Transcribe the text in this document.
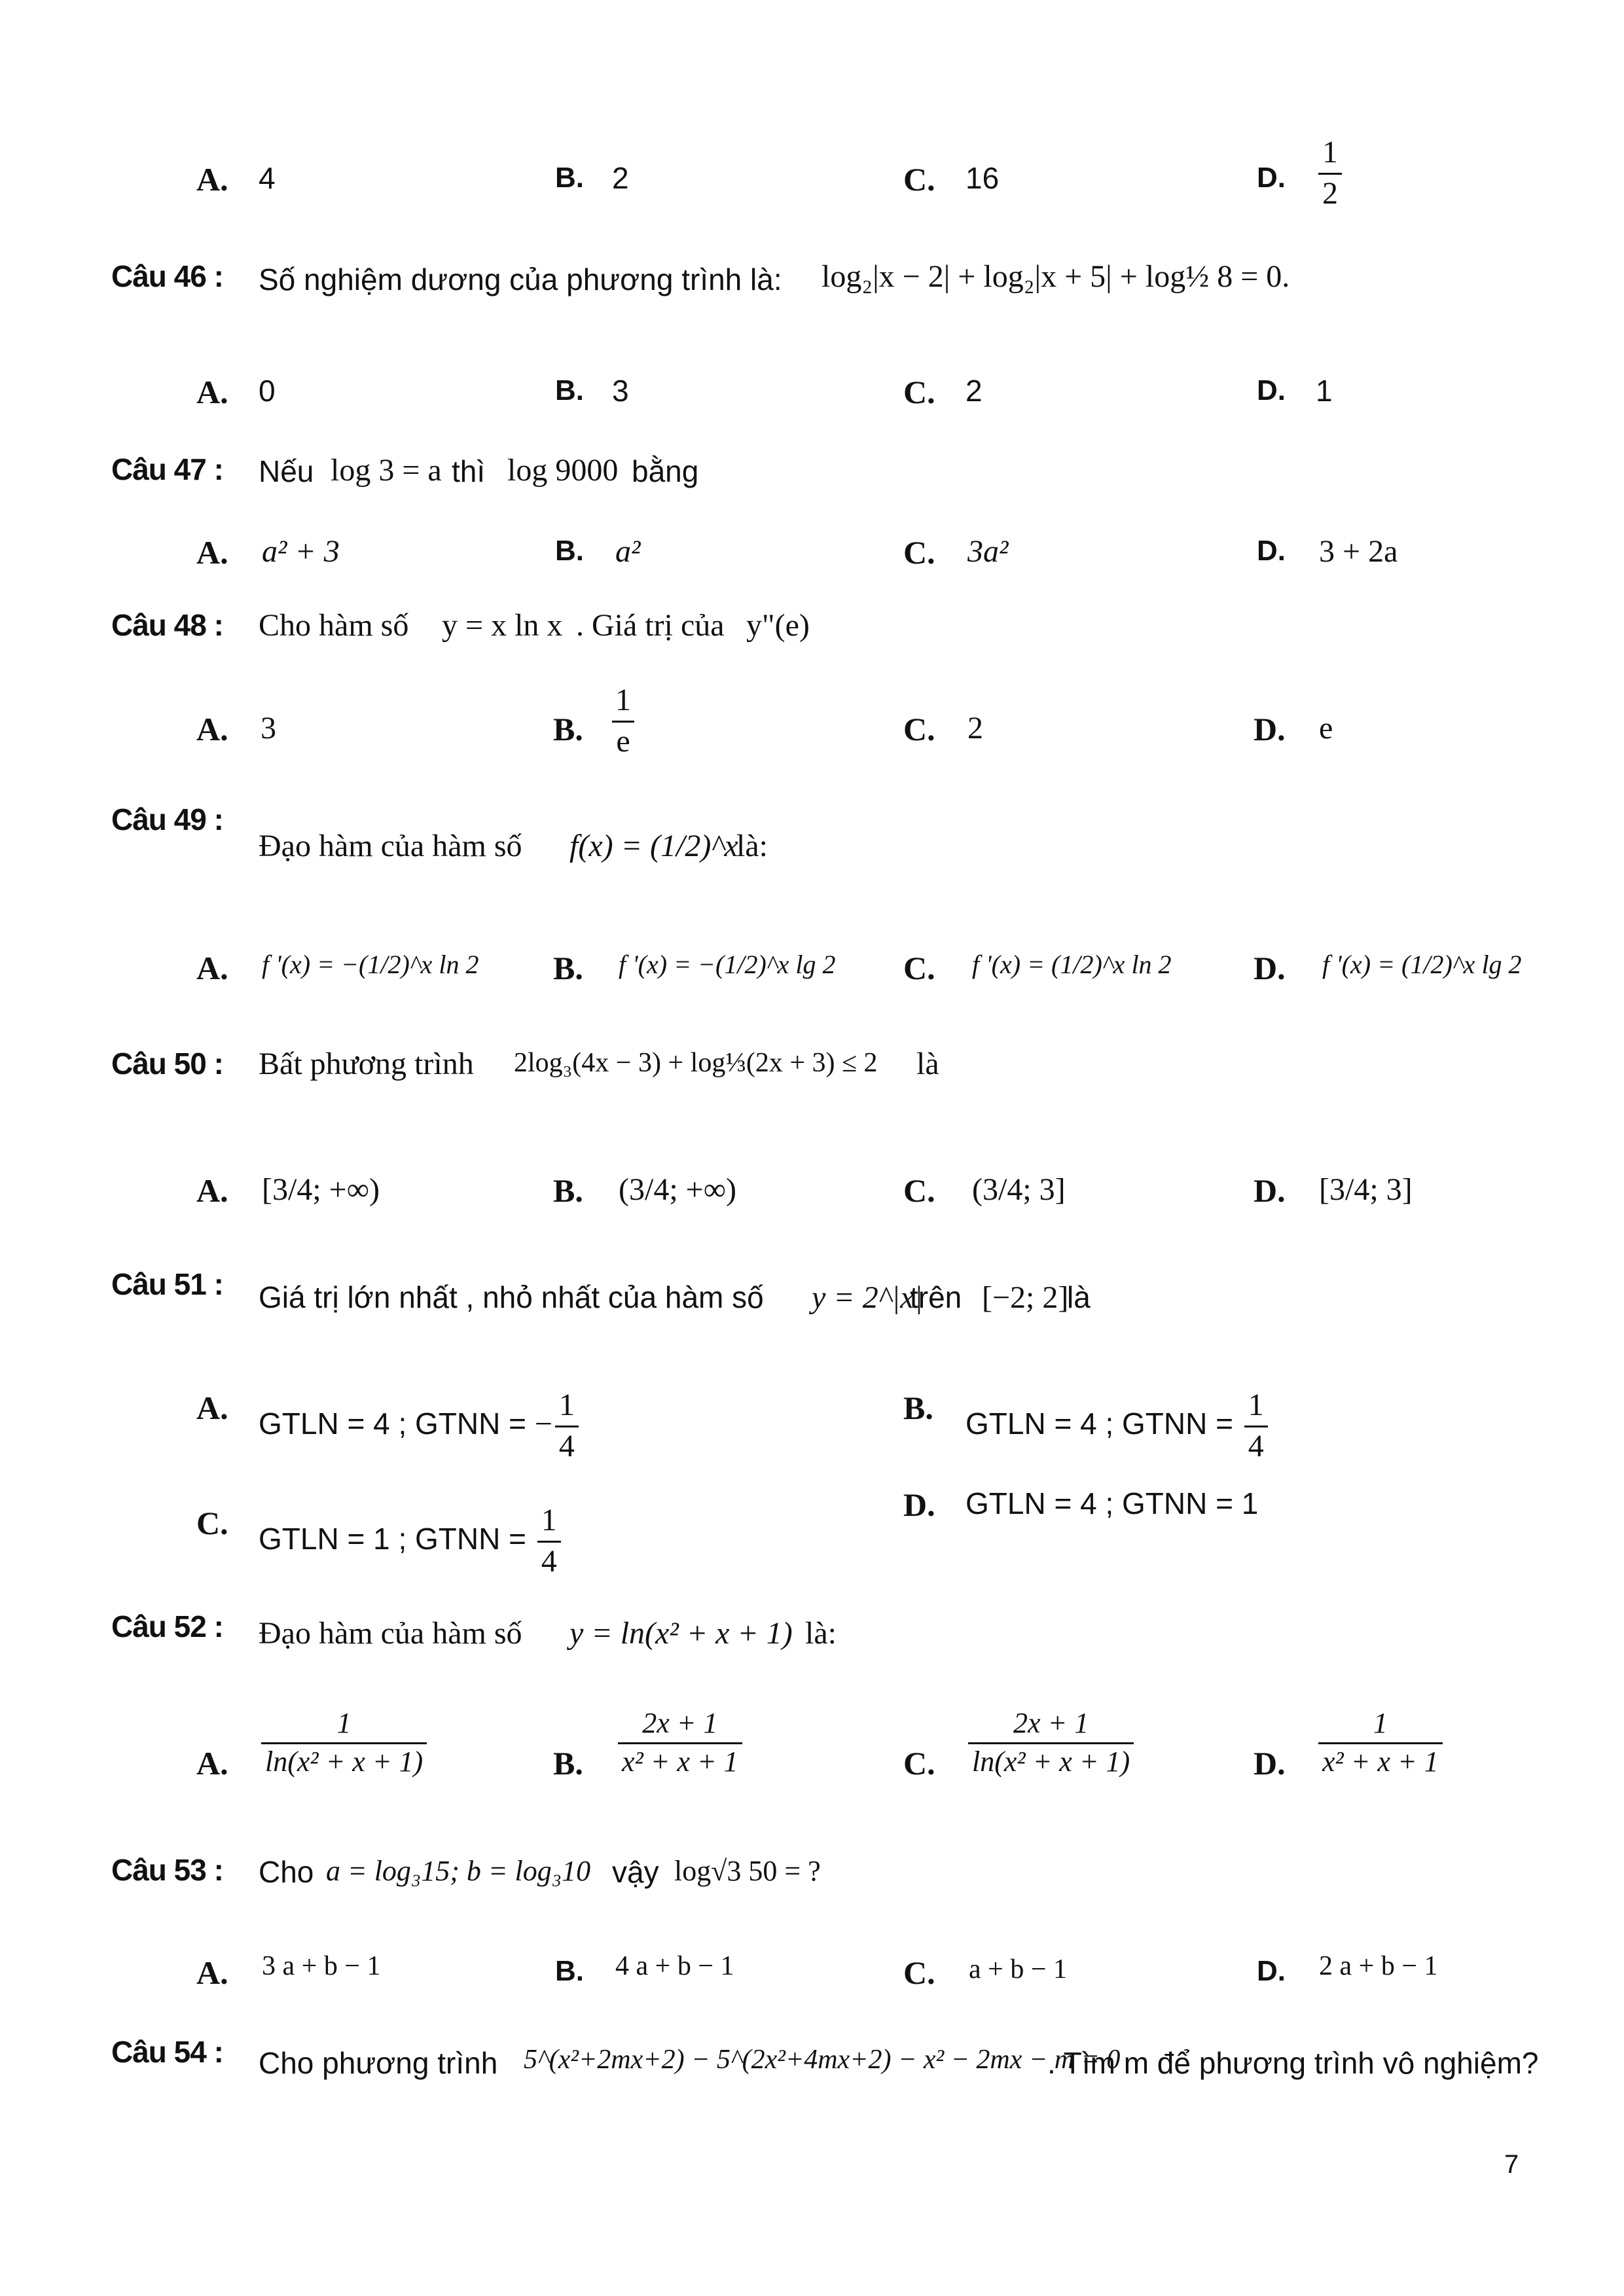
A. 4	B. 2	C. 16	D. $\frac{1}{2}$
Câu 46 : Số nghiệm dương của phương trình là: log₂|x − 2| + log₂|x + 5| + log½ 8 = 0.
A. 0	B. 3	C. 2	D. 1
Câu 47 : Nếu log 3 = a thì log 9000 bằng
A. a² + 3	B. a²	C. 3a²	D. 3 + 2a
Câu 48 : Cho hàm số y = x ln x . Giá trị của y"(e)
A. 3	B. $\frac{1}{e}$	C. 2	D. e
Câu 49 :
Đạo hàm của hàm số f(x) = (1/2)^x
là:
A. f '(x) = −(1/2)^x ln 2 B. f '(x) = −(1/2)^x lg 2 C. f '(x) = (1/2)^x ln 2	D. f '(x) = (1/2)^x lg 2
Câu 50 : Bất phương trình 2log₃(4x − 3) + log⅓(2x + 3) ≤ 2 là
A. [3/4; +∞)	B. (3/4; +∞)	C. (3/4; 3]	D. [3/4; 3]
Câu 51 : Giá trị lớn nhất , nhỏ nhất của hàm số y = 2^|x|
trên [−2; 2]
là
A. GTLN = 4 ; GTNN = − $\frac{1}{4}$	B. GTLN = 4 ; GTNN = $\frac{1}{4}$
C. GTLN = 1 ; GTNN = $\frac{1}{4}$	D. GTLN = 4 ; GTNN = 1
Câu 52 : Đạo hàm của hàm số y = ln(x² + x + 1) là:
A. $\frac{1}{\text{ln(x² + x + 1)}}$	B. $\frac{2x + 1}{\text{x² + x + 1}}$	C. $\frac{2x + 1}{\text{ln(x² + x + 1)}}$	D. $\frac{1}{\text{x² + x + 1}}$
Câu 53 : Cho a = log₃15; b = log₃10 vậy log√3 50 = ?
A. 3 a + b − 1	B. 4 a + b − 1	C. a + b − 1	D. 2 a + b − 1
Câu 54 : Cho phương trình 5^(x²+2mx+2) − 5^(2x²+4mx+2) − x² − 2mx − m = 0
. Tìm m để phương trình vô nghiệm?
7
